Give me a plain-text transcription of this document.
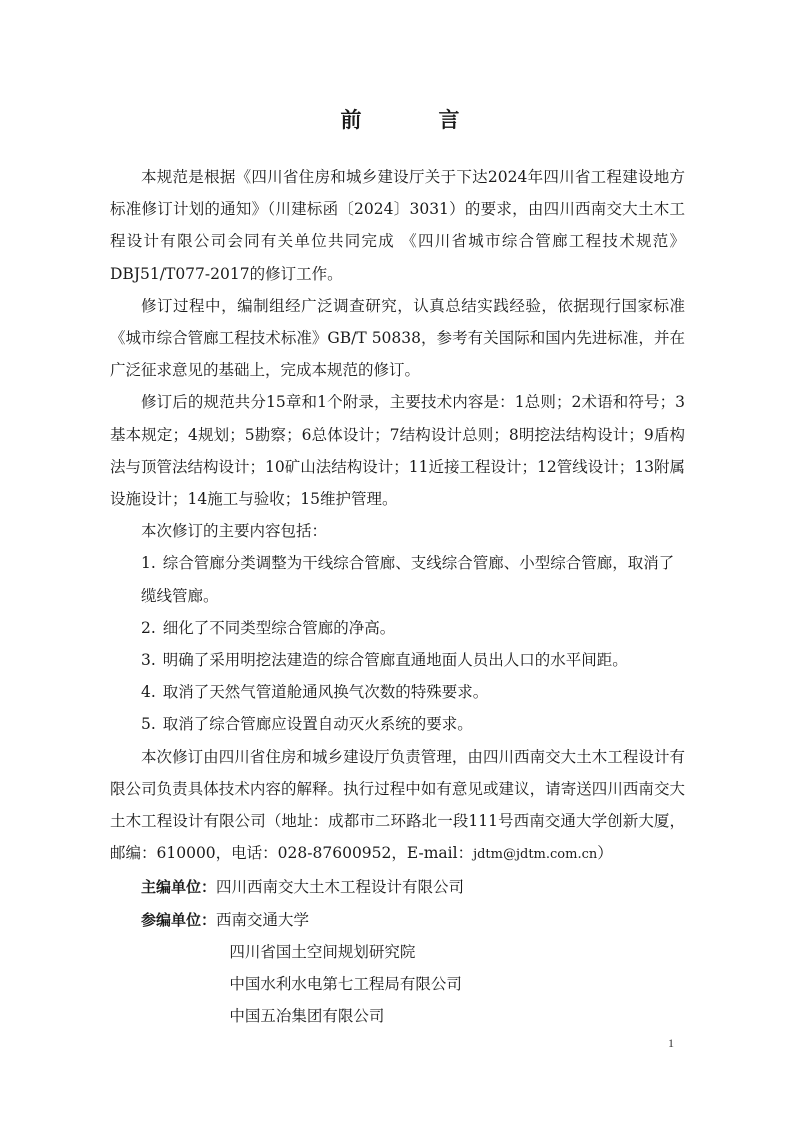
前　言

本规范是根据《四川省住房和城乡建设厅关于下达2024年四川省工程建设地方标准修订计划的通知》（川建标函〔2024〕3031）的要求，由四川西南交大土木工程设计有限公司会同有关单位共同完成 《四川省城市综合管廊工程技术规范》DBJ51/T077-2017的修订工作。

修订过程中，编制组经广泛调查研究，认真总结实践经验，依据现行国家标准《城市综合管廊工程技术标准》GB/T 50838，参考有关国际和国内先进标准，并在广泛征求意见的基础上，完成本规范的修订。

修订后的规范共分15章和1个附录，主要技术内容是：1总则；2术语和符号；3基本规定；4规划；5勘察；6总体设计；7结构设计总则；8明挖法结构设计；9盾构法与顶管法结构设计；10矿山法结构设计；11近接工程设计；12管线设计；13附属设施设计；14施工与验收；15维护管理。

本次修订的主要内容包括：

1. 综合管廊分类调整为干线综合管廊、支线综合管廊、小型综合管廊，取消了缆线管廊。

2. 细化了不同类型综合管廊的净高。

3. 明确了采用明挖法建造的综合管廊直通地面人员出人口的水平间距。

4. 取消了天然气管道舱通风换气次数的特殊要求。

5. 取消了综合管廊应设置自动灭火系统的要求。

本次修订由四川省住房和城乡建设厅负责管理，由四川西南交大土木工程设计有限公司负责具体技术内容的解释。执行过程中如有意见或建议，请寄送四川西南交大土木工程设计有限公司（地址：成都市二环路北一段111号西南交通大学创新大厦，邮编：610000，电话：028-87600952，E-mail：jdtm@jdtm.com.cn）

主编单位：四川西南交大土木工程设计有限公司

参编单位：西南交通大学

四川省国土空间规划研究院

中国水利水电第七工程局有限公司

中国五冶集团有限公司

1
